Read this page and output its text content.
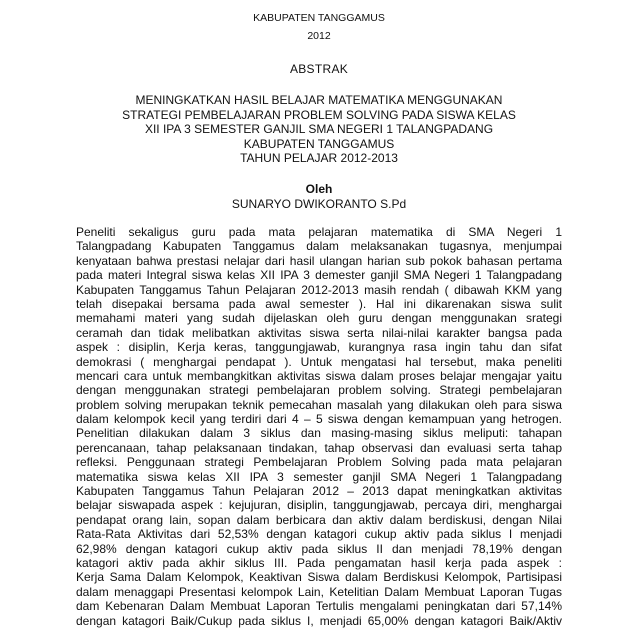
KABUPATEN TANGGAMUS
2012
ABSTRAK
MENINGKATKAN HASIL BELAJAR MATEMATIKA MENGGUNAKAN
STRATEGI PEMBELAJARAN PROBLEM SOLVING PADA SISWA KELAS
XII IPA 3 SEMESTER GANJIL SMA NEGERI 1 TALANGPADANG
KABUPATEN TANGGAMUS
TAHUN PELAJAR 2012-2013
Oleh
SUNARYO DWIKORANTO S.Pd
Peneliti sekaligus guru pada mata pelajaran matematika di SMA Negeri 1
Talangpadang Kabupaten Tanggamus dalam melaksanakan tugasnya, menjumpai
kenyataan bahwa prestasi nelajar dari hasil ulangan harian sub pokok bahasan pertama
pada materi Integral siswa kelas XII IPA 3 demester ganjil SMA Negeri 1 Talangpadang
Kabupaten Tanggamus Tahun Pelajaran 2012-2013 masih rendah ( dibawah KKM yang
telah disepakai bersama pada awal semester ). Hal ini dikarenakan siswa sulit
memahami materi yang sudah dijelaskan oleh guru dengan menggunakan srategi
ceramah dan tidak melibatkan aktivitas siswa serta nilai-nilai karakter bangsa pada
aspek : disiplin, Kerja keras, tanggungjawab, kurangnya rasa ingin tahu dan sifat
demokrasi ( menghargai pendapat ). Untuk mengatasi hal tersebut, maka peneliti
mencari cara untuk membangkitkan aktivitas siswa dalam proses belajar mengajar yaitu
dengan menggunakan strategi pembelajaran problem solving. Strategi pembelajaran
problem solving merupakan teknik pemecahan masalah yang dilakukan oleh para siswa
dalam kelompok kecil yang terdiri dari 4 – 5 siswa dengan kemampuan yang hetrogen.
Penelitian dilakukan dalam 3 siklus dan masing-masing siklus meliputi: tahapan
perencanaan, tahap pelaksanaan tindakan, tahap observasi dan evaluasi serta tahap
refleksi. Penggunaan strategi Pembelajaran Problem Solving pada mata pelajaran
matematika siswa kelas XII IPA 3 semester ganjil SMA Negeri 1 Talangpadang
Kabupaten Tanggamus Tahun Pelajaran 2012 – 2013 dapat meningkatkan aktivitas
belajar siswapada aspek : kejujuran, disiplin, tanggungjawab, percaya diri, menghargai
pendapat orang lain, sopan dalam berbicara dan aktiv dalam berdiskusi, dengan Nilai
Rata-Rata Aktivitas dari 52,53% dengan katagori cukup aktiv pada siklus I menjadi
62,98% dengan katagori cukup aktiv pada siklus II dan menjadi 78,19% dengan
katagori aktiv pada akhir siklus III. Pada pengamatan hasil kerja pada aspek :
Kerja Sama Dalam Kelompok, Keaktivan Siswa dalam Berdiskusi Kelompok, Partisipasi
dalam menaggapi Presentasi kelompok Lain, Ketelitian Dalam Membuat Laporan Tugas
dam Kebenaran Dalam Membuat Laporan Tertulis mengalami peningkatan dari 57,14%
dengan katagori Baik/Cukup pada siklus I, menjadi 65,00% dengan katagori Baik/Aktiv
